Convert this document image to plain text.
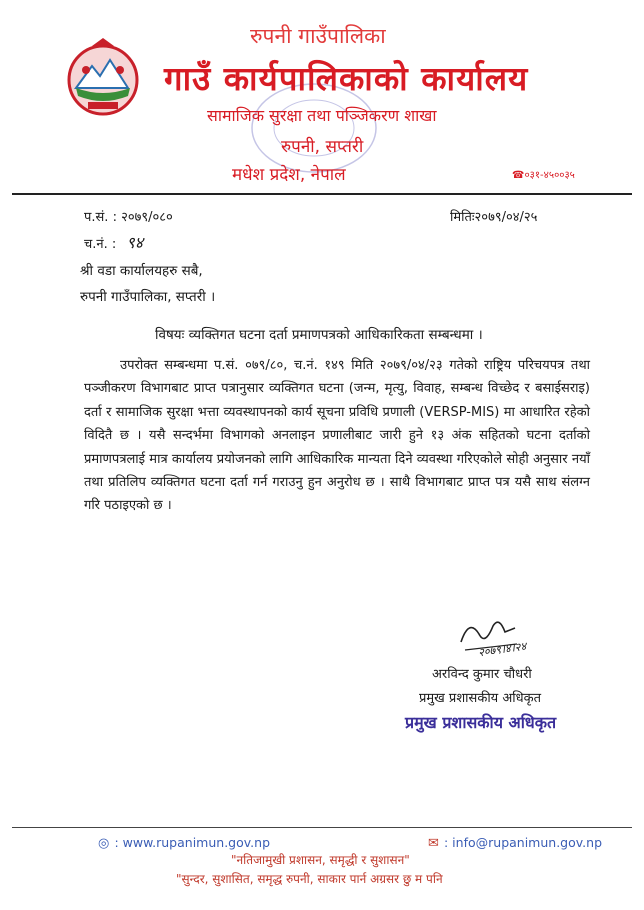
रुपनी गाउँपालिका
गाउँ कार्यपालिकाको कार्यालय
सामाजिक सुरक्षा तथा पञ्जिकरण शाखा
रुपनी, सप्तरी
मधेश प्रदेश, नेपाल	☎०३१-४५००३५
प.सं. : २०७९/०८०
च.नं. : ९४
मितिः२०७९/०४/२५
श्री वडा कार्यालयहरु सबै,
रुपनी गाउँपालिका, सप्तरी ।
विषयः व्यक्तिगत घटना दर्ता प्रमाणपत्रको आधिकारिकता सम्बन्धमा ।

उपरोक्त सम्बन्धमा प.सं. ०७९/८०, च.नं. १४९ मिति २०७९/०४/२३ गतेको राष्ट्रिय परिचयपत्र तथा पञ्जीकरण विभागबाट प्राप्त पत्रानुसार व्यक्तिगत घटना (जन्म, मृत्यु, विवाह, सम्बन्ध विच्छेद र बसाईसराइ) दर्ता र सामाजिक सुरक्षा भत्ता व्यवस्थापनको कार्य सूचना प्रविधि प्रणाली (VERSP-MIS) मा आधारित रहेको विदितै छ । यसै सन्दर्भमा विभागको अनलाइन प्रणालीबाट जारी हुने १३ अंक सहितको घटना दर्ताको प्रमाणपत्रलाई मात्र कार्यालय प्रयोजनको लागि आधिकारिक मान्यता दिने व्यवस्था गरिएकोले सोही अनुसार नयाँ तथा प्रतिलिप व्यक्तिगत घटना दर्ता गर्न गराउनु हुन अनुरोध छ । साथै विभागबाट प्राप्त पत्र यसै साथ संलग्न गरि पठाइएको छ ।

२०७९।४।२४
अरविन्द कुमार चौधरी
प्रमुख प्रशासकीय अधिकृत
प्रमुख प्रशासकीय अधिकृत
◎ : www.rupanimun.gov.np	✉ : info@rupanimun.gov.np
"नतिजामुखी प्रशासन, समृद्धी र सुशासन"
"सुन्दर, सुशासित, समृद्ध रुपनी, साकार पार्न अग्रसर छु म पनि
